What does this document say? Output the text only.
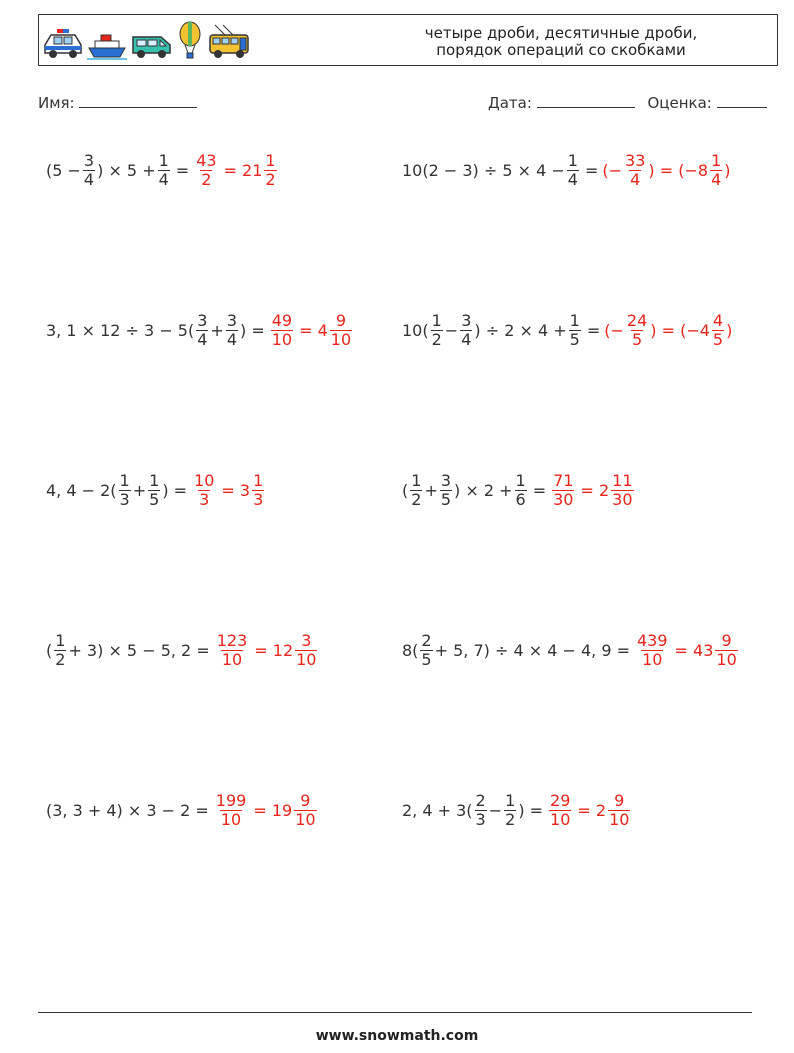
четыре дроби, десятичные дроби,
порядок операций со скобками
Имя:	Дата:	Оценка:
($5 - \frac{3}{4}$ ) × $5 + \frac{1}{4} = \frac{43}{2} = 21 \frac{1}{2}$	$10(2 - 3) \div 5 \times 4 - \frac{1}{4}$ = (− $\frac{33}{4}$ ) = ($-8 \frac{1}{4}$ )
3, $1 \times 12 \div 3 - 5( \frac{3}{4} + \frac{3}{4}$ ) = $\frac{49}{10} = 4 \frac{9}{10}$	$10( \frac{1}{2} - \frac{3}{4}$ ) ÷ $2 \times 4 + \frac{1}{5}$ = (− $\frac{24}{5}$ ) = ($-4 \frac{4}{5}$ )
4, $4 - 2( \frac{1}{3} + \frac{1}{5}$ ) = $\frac{10}{3} = 3 \frac{1}{3}$	( $\frac{1}{2} + \frac{3}{5}$ ) × $2 + \frac{1}{6} = \frac{71}{30} = 2 \frac{11}{30}$
( $\frac{1}{2} + 3) \times 5 - 5$, $2 = \frac{123}{10} = 12 \frac{3}{10}$	$8( \frac{2}{5} + 5$, 7) ÷ 4 × 4 − 4, $9 = \frac{439}{10} = 43 \frac{9}{10}$
(3, $3 + 4) \times 3 - 2 = \frac{199}{10} = 19 \frac{9}{10}$	2, $4 + 3( \frac{2}{3} - \frac{1}{2}$ ) = $\frac{29}{10} = 2 \frac{9}{10}$
www.snowmath.com
